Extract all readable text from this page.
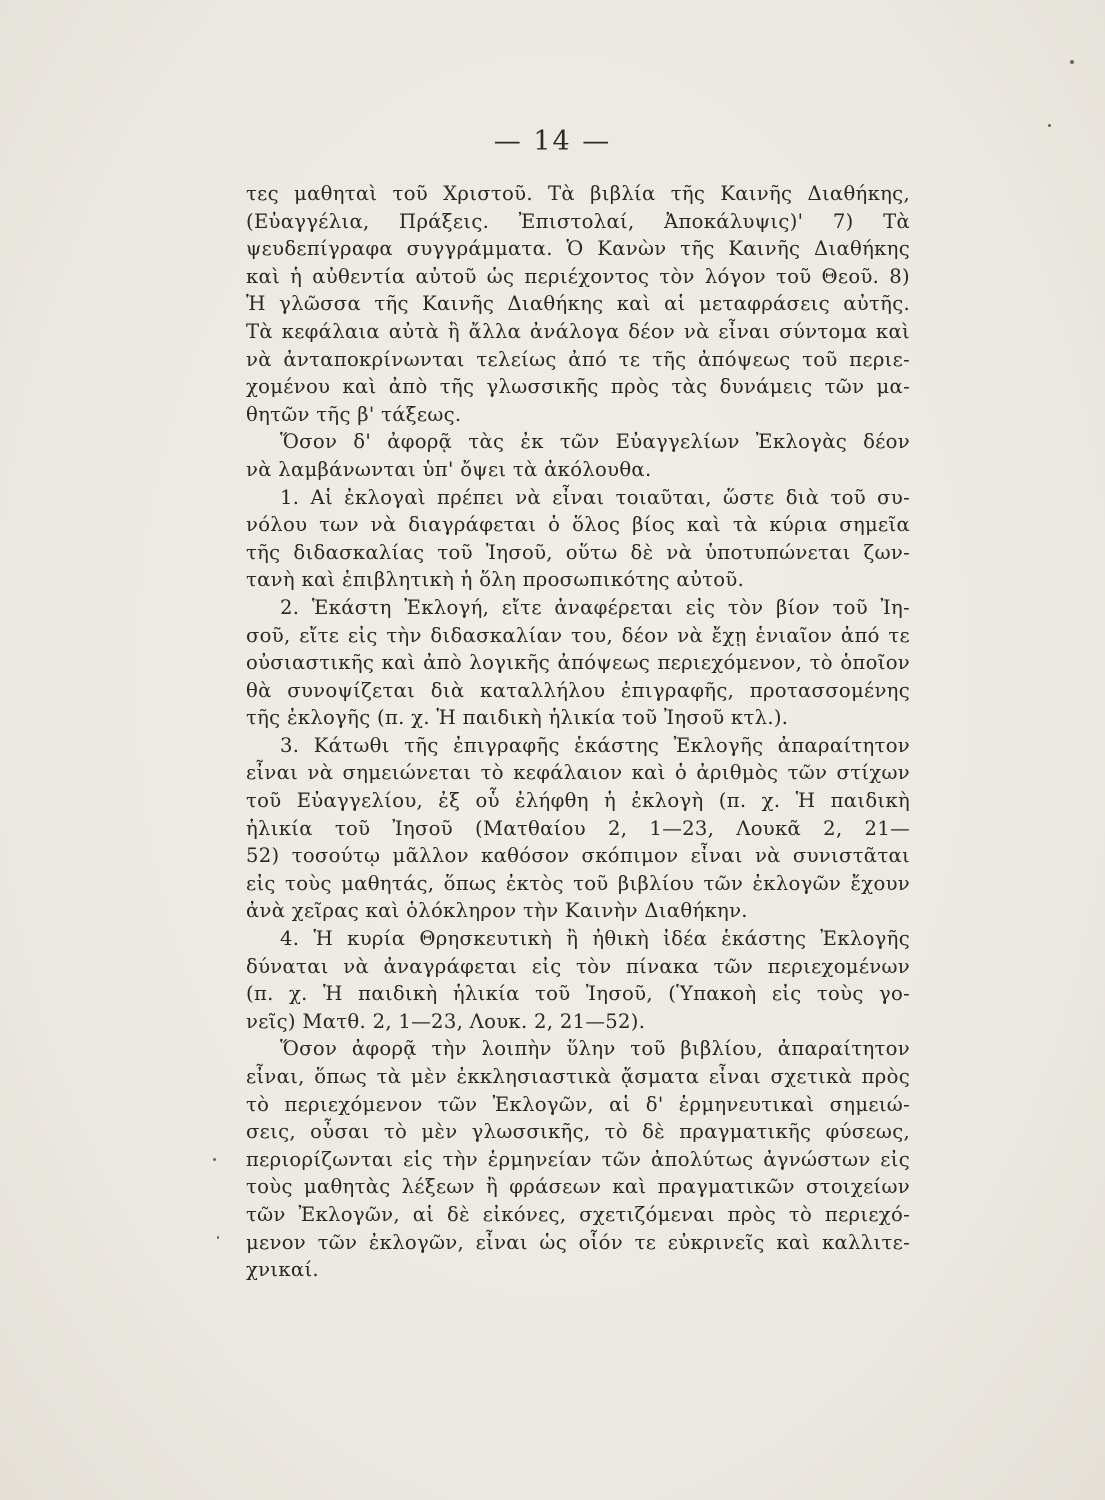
— 14 —
τες μαθηταὶ τοῦ Χριστοῦ. Τὰ βιβλία τῆς Καινῆς Διαθήκης,
(Εὐαγγέλια, Πράξεις. Ἐπιστολαί, Ἀποκάλυψις)' 7) Τὰ
ψευδεπίγραφα συγγράμματα. Ὁ Κανὼν τῆς Καινῆς Διαθήκης
καὶ ἡ αὐθεντία αὐτοῦ ὡς περιέχοντος τὸν λόγον τοῦ Θεοῦ. 8)
Ἡ γλῶσσα τῆς Καινῆς Διαθήκης καὶ αἱ μεταφράσεις αὐτῆς.
Τὰ κεφάλαια αὐτὰ ἢ ἄλλα ἀνάλογα δέον νὰ εἶναι σύντομα καὶ
νὰ ἀνταποκρίνωνται τελείως ἀπό τε τῆς ἀπόψεως τοῦ περιε-
χομένου καὶ ἀπὸ τῆς γλωσσικῆς πρὸς τὰς δυνάμεις τῶν μα-
θητῶν τῆς β' τάξεως.
Ὅσον δ' ἀφορᾷ τὰς ἐκ τῶν Εὐαγγελίων Ἐκλογὰς δέον
νὰ λαμβάνωνται ὑπ' ὄψει τὰ ἀκόλουθα.
1. Αἱ ἐκλογαὶ πρέπει νὰ εἶναι τοιαῦται, ὥστε διὰ τοῦ συ-
νόλου των νὰ διαγράφεται ὁ ὅλος βίος καὶ τὰ κύρια σημεῖα
τῆς διδασκαλίας τοῦ Ἰησοῦ, οὕτω δὲ νὰ ὑποτυπώνεται ζων-
τανὴ καὶ ἐπιβλητικὴ ἡ ὅλη προσωπικότης αὐτοῦ.
2. Ἑκάστη Ἐκλογή, εἴτε ἀναφέρεται εἰς τὸν βίον τοῦ Ἰη-
σοῦ, εἴτε εἰς τὴν διδασκαλίαν του, δέον νὰ ἔχῃ ἑνιαῖον ἀπό τε
οὐσιαστικῆς καὶ ἀπὸ λογικῆς ἀπόψεως περιεχόμενον, τὸ ὁποῖον
θὰ συνοψίζεται διὰ καταλλήλου ἐπιγραφῆς, προτασσομένης
τῆς ἐκλογῆς (π. χ. Ἡ παιδικὴ ἡλικία τοῦ Ἰησοῦ κτλ.).
3. Κάτωθι τῆς ἐπιγραφῆς ἑκάστης Ἐκλογῆς ἀπαραίτητον
εἶναι νὰ σημειώνεται τὸ κεφάλαιον καὶ ὁ ἀριθμὸς τῶν στίχων
τοῦ Εὐαγγελίου, ἐξ οὗ ἐλήφθη ἡ ἐκλογὴ (π. χ. Ἡ παιδικὴ
ἡλικία τοῦ Ἰησοῦ (Ματθαίου 2, 1—23, Λουκᾶ 2, 21—
52) τοσούτῳ μᾶλλον καθόσον σκόπιμον εἶναι νὰ συνιστᾶται
εἰς τοὺς μαθητάς, ὅπως ἐκτὸς τοῦ βιβλίου τῶν ἐκλογῶν ἔχουν
ἀνὰ χεῖρας καὶ ὁλόκληρον τὴν Καινὴν Διαθήκην.
4. Ἡ κυρία Θρησκευτικὴ ἢ ἠθικὴ ἰδέα ἑκάστης Ἐκλογῆς
δύναται νὰ ἀναγράφεται εἰς τὸν πίνακα τῶν περιεχομένων
(π. χ. Ἡ παιδικὴ ἡλικία τοῦ Ἰησοῦ, (Ὑπακοὴ εἰς τοὺς γο-
νεῖς) Ματθ. 2, 1—23, Λουκ. 2, 21—52).
Ὅσον ἀφορᾷ τὴν λοιπὴν ὕλην τοῦ βιβλίου, ἀπαραίτητον
εἶναι, ὅπως τὰ μὲν ἐκκλησιαστικὰ ᾄσματα εἶναι σχετικὰ πρὸς
τὸ περιεχόμενον τῶν Ἐκλογῶν, αἱ δ' ἑρμηνευτικαὶ σημειώ-
σεις, οὖσαι τὸ μὲν γλωσσικῆς, τὸ δὲ πραγματικῆς φύσεως,
περιορίζωνται εἰς τὴν ἑρμηνείαν τῶν ἀπολύτως ἀγνώστων εἰς
τοὺς μαθητὰς λέξεων ἢ φράσεων καὶ πραγματικῶν στοιχείων
τῶν Ἐκλογῶν, αἱ δὲ εἰκόνες, σχετιζόμεναι πρὸς τὸ περιεχό-
μενον τῶν ἐκλογῶν, εἶναι ὡς οἷόν τε εὐκρινεῖς καὶ καλλιτε-
χνικαί.
